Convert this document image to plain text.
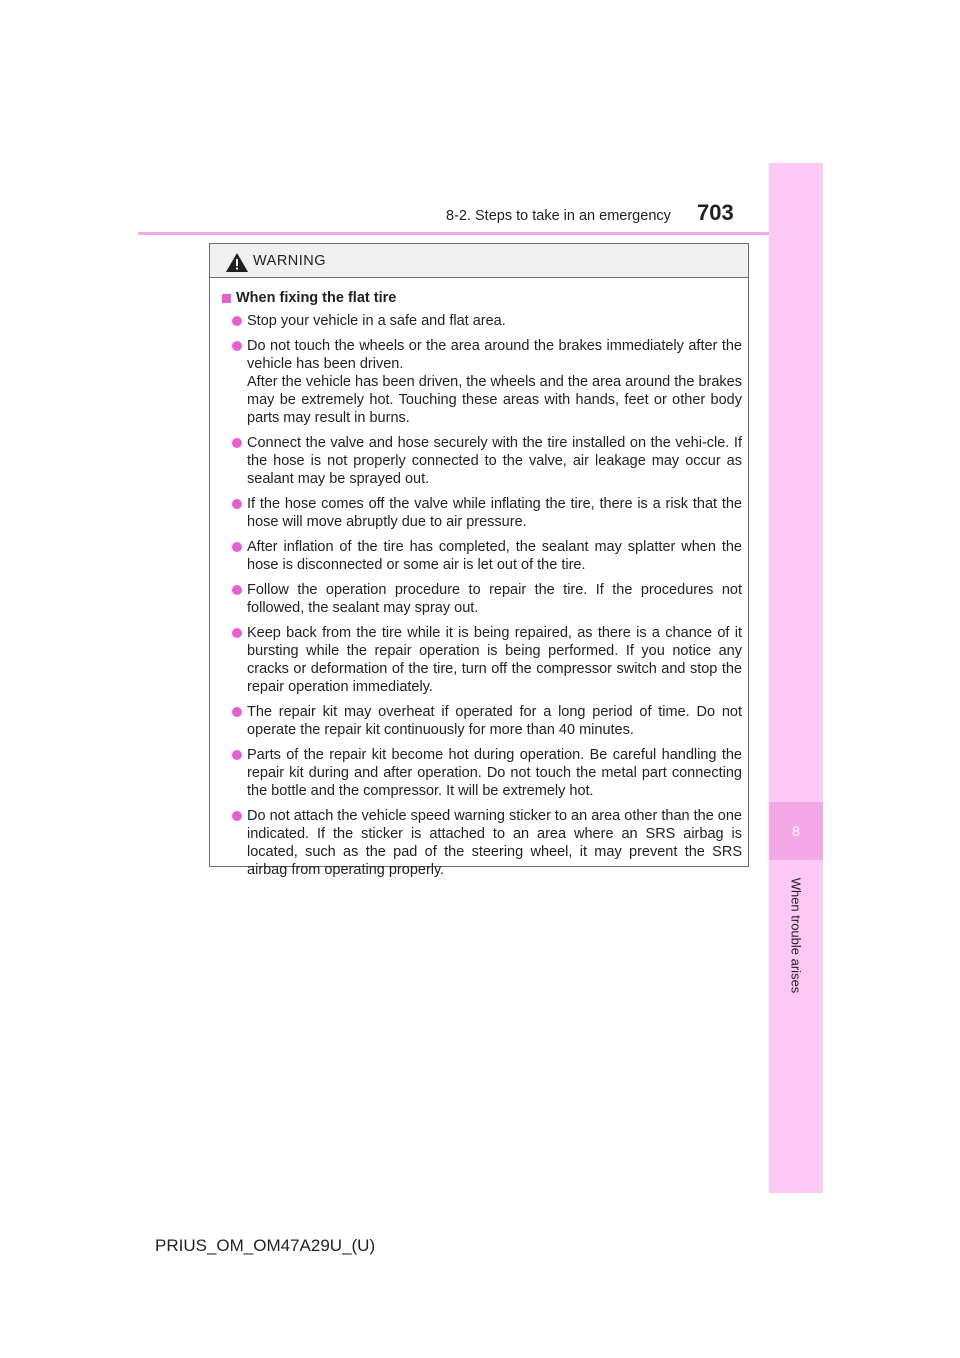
8-2. Steps to take in an emergency 703
8
When trouble arises
WARNING
When fixing the flat tire

Stop your vehicle in a safe and flat area.

Do not touch the wheels or the area around the brakes immediately after the vehicle has been driven.

After the vehicle has been driven, the wheels and the area around the brakes may be extremely hot. Touching these areas with hands, feet or other body parts may result in burns.

Connect the valve and hose securely with the tire installed on the vehi-cle. If the hose is not properly connected to the valve, air leakage may occur as sealant may be sprayed out.

If the hose comes off the valve while inflating the tire, there is a risk that the hose will move abruptly due to air pressure.

After inflation of the tire has completed, the sealant may splatter when the hose is disconnected or some air is let out of the tire.

Follow the operation procedure to repair the tire. If the procedures not followed, the sealant may spray out.

Keep back from the tire while it is being repaired, as there is a chance of it bursting while the repair operation is being performed. If you notice any cracks or deformation of the tire, turn off the compressor switch and stop the repair operation immediately.

The repair kit may overheat if operated for a long period of time. Do not operate the repair kit continuously for more than 40 minutes.

Parts of the repair kit become hot during operation. Be careful handling the repair kit during and after operation. Do not touch the metal part connecting the bottle and the compressor. It will be extremely hot.

Do not attach the vehicle speed warning sticker to an area other than the one indicated. If the sticker is attached to an area where an SRS airbag is located, such as the pad of the steering wheel, it may prevent the SRS airbag from operating properly.

PRIUS_OM_OM47A29U_(U)
